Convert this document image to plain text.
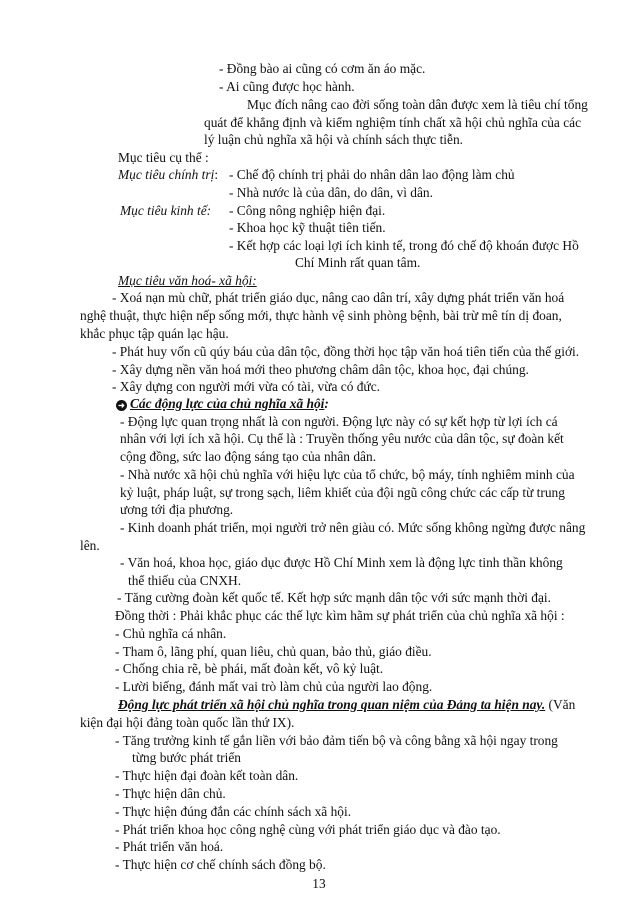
- Đồng bào ai cũng có cơm ăn áo mặc.
- Ai cũng được học hành.
Mục đích nâng cao đời sống toàn dân được xem là tiêu chí tổng
quát để khẳng định và kiểm nghiệm tính chất xã hội chủ nghĩa của các
lý luận chủ nghĩa xã hội và chính sách thực tiễn.
Mục tiêu cụ thể :
Mục tiêu chính trị: - Chế độ chính trị phải do nhân dân lao động làm chủ
- Nhà nước là của dân, do dân, vì dân.
Mục tiêu kinh tế: - Công nông nghiệp hiện đại.
- Khoa học kỹ thuật tiên tiến.
- Kết hợp các loại lợi ích kinh tế, trong đó chế độ khoán được Hồ
Chí Minh rất quan tâm.
Mục tiêu văn hoá- xã hội:
- Xoá nạn mù chữ, phát triển giáo dục, nâng cao dân trí, xây dựng phát triển văn hoá
nghệ thuật, thực hiện nếp sống mới, thực hành vệ sinh phòng bệnh, bài trừ mê tín dị đoan,
khắc phục tập quán lạc hậu.
- Phát huy vốn cũ qúy báu của dân tộc, đồng thời học tập văn hoá tiên tiến của thế giới.
- Xây dựng nền văn hoá mới theo phương châm dân tộc, khoa học, đại chúng.
- Xây dựng con người mới vừa có tài, vừa có đức.
➜ Các động lực của chủ nghĩa xã hội:
- Động lực quan trọng nhất là con người. Động lực này có sự kết hợp từ lợi ích cá
nhân với lợi ích xã hội. Cụ thể là : Truyền thống yêu nước của dân tộc, sự đoàn kết
cộng đồng, sức lao động sáng tạo của nhân dân.
- Nhà nước xã hội chủ nghĩa với hiệu lực của tổ chức, bộ máy, tính nghiêm minh của
kỷ luật, pháp luật, sự trong sạch, liêm khiết của đội ngũ công chức các cấp từ trung
ương tới địa phương.
- Kinh doanh phát triển, mọi người trở nên giàu có. Mức sống không ngừng được nâng
lên.
- Văn hoá, khoa học, giáo dục được Hồ Chí Minh xem là động lực tinh thần không
thể thiếu của CNXH.
- Tăng cường đoàn kết quốc tế. Kết hợp sức mạnh dân tộc với sức mạnh thời đại.
Đồng thời : Phải khắc phục các thế lực kìm hãm sự phát triển của chủ nghĩa xã hội :
- Chủ nghĩa cá nhân.
- Tham ô, lãng phí, quan liêu, chủ quan, bảo thủ, giáo điều.
- Chống chia rẽ, bè phái, mất đoàn kết, vô kỷ luật.
- Lười biếng, đánh mất vai trò làm chủ của người lao động.
Động lực phát triển xã hội chủ nghĩa trong quan niệm của Đảng ta hiện nay. (Văn
kiện đại hội đảng toàn quốc lần thứ IX).
- Tăng trưởng kinh tế gắn liền với bảo đảm tiến bộ và công bằng xã hội ngay trong
từng bước phát triển
- Thực hiện đại đoàn kết toàn dân.
- Thực hiện dân chủ.
- Thực hiện đúng đắn các chính sách xã hội.
- Phát triển khoa học công nghệ cùng với phát triển giáo dục và đào tạo.
- Phát triển văn hoá.
- Thực hiện cơ chế chính sách đồng bộ.
13
